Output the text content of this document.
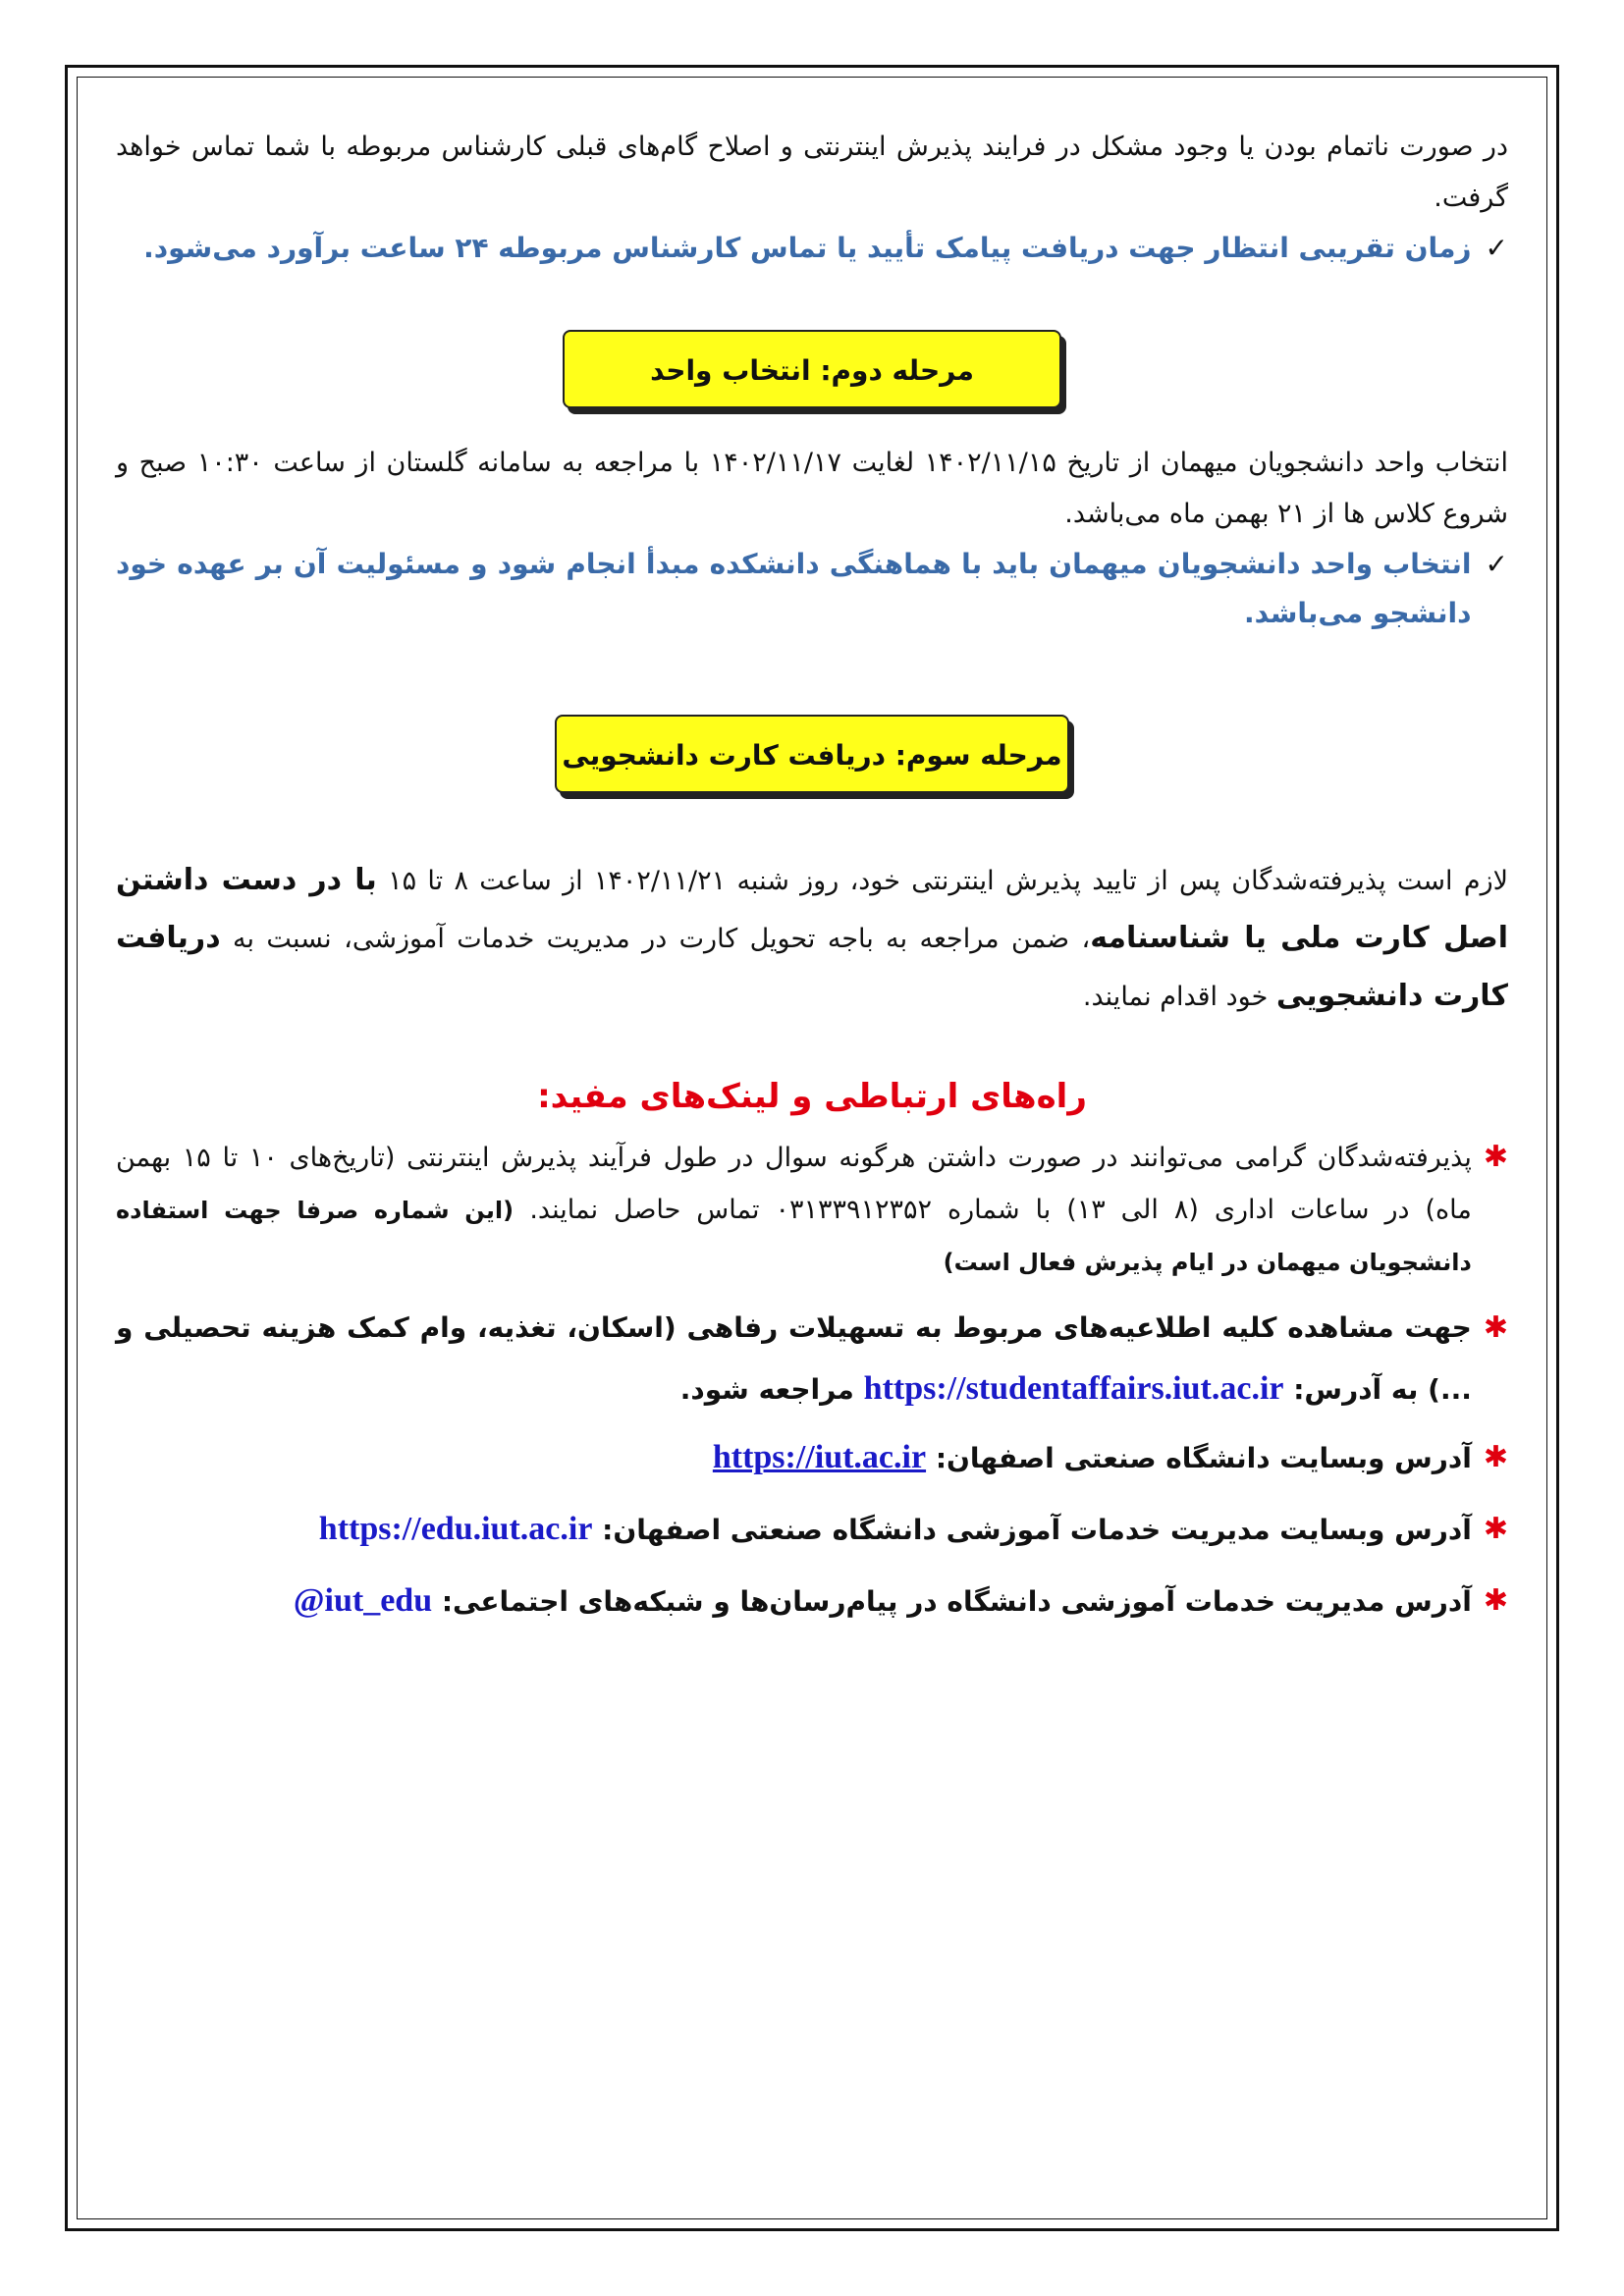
در صورت ناتمام بودن یا وجود مشکل در فرایند پذیرش اینترنتی و اصلاح گام‌های قبلی کارشناس مربوطه با شما تماس خواهد گرفت.

✓
زمان تقریبی انتظار جهت دریافت پیامک تأیید یا تماس کارشناس مربوطه ۲۴ ساعت برآورد می‌شود.
مرحله دوم: انتخاب واحد

انتخاب واحد دانشجویان میهمان از تاریخ ۱۴۰۲/۱۱/۱۵ لغایت ۱۴۰۲/۱۱/۱۷ با مراجعه به سامانه گلستان از ساعت ۱۰:۳۰ صبح و شروع کلاس ها از ۲۱ بهمن ماه می‌باشد.

✓
انتخاب واحد دانشجویان میهمان باید با هماهنگی دانشکده مبدأ انجام شود و مسئولیت آن بر عهده خود دانشجو می‌باشد.
مرحله سوم: دریافت کارت دانشجویی

لازم است پذیرفته‌شدگان پس از تایید پذیرش اینترنتی خود، روز شنبه ۱۴۰۲/۱۱/۲۱ از ساعت ۸ تا ۱۵ با در دست داشتن اصل کارت ملی یا شناسنامه، ضمن مراجعه به باجه تحویل کارت در مدیریت خدمات آموزشی، نسبت به دریافت کارت دانشجویی خود اقدام نمایند.

راه‌های ارتباطی و لینک‌های مفید:
✱
پذیرفته‌شدگان گرامی می‌توانند در صورت داشتن هرگونه سوال در طول فرآیند پذیرش اینترنتی (تاریخ‌های ۱۰ تا ۱۵ بهمن ماه) در ساعات اداری (۸ الی ۱۳) با شماره ۰۳۱۳۳۹۱۲۳۵۲ تماس حاصل نمایند. (این شماره صرفا جهت استفاده دانشجویان میهمان در ایام پذیرش فعال است)
✱
جهت مشاهده کلیه اطلاعیه‌های مربوط به تسهیلات رفاهی (اسکان، تغذیه، وام کمک هزینه تحصیلی و ...) به آدرس: https://studentaffairs.iut.ac.ir مراجعه شود.
✱
آدرس وبسایت دانشگاه صنعتی اصفهان: https://iut.ac.ir
✱
آدرس وبسایت مدیریت خدمات آموزشی دانشگاه صنعتی اصفهان: https://edu.iut.ac.ir
✱
آدرس مدیریت خدمات آموزشی دانشگاه در پیام‌رسان‌ها و شبکه‌های اجتماعی: @iut_edu
